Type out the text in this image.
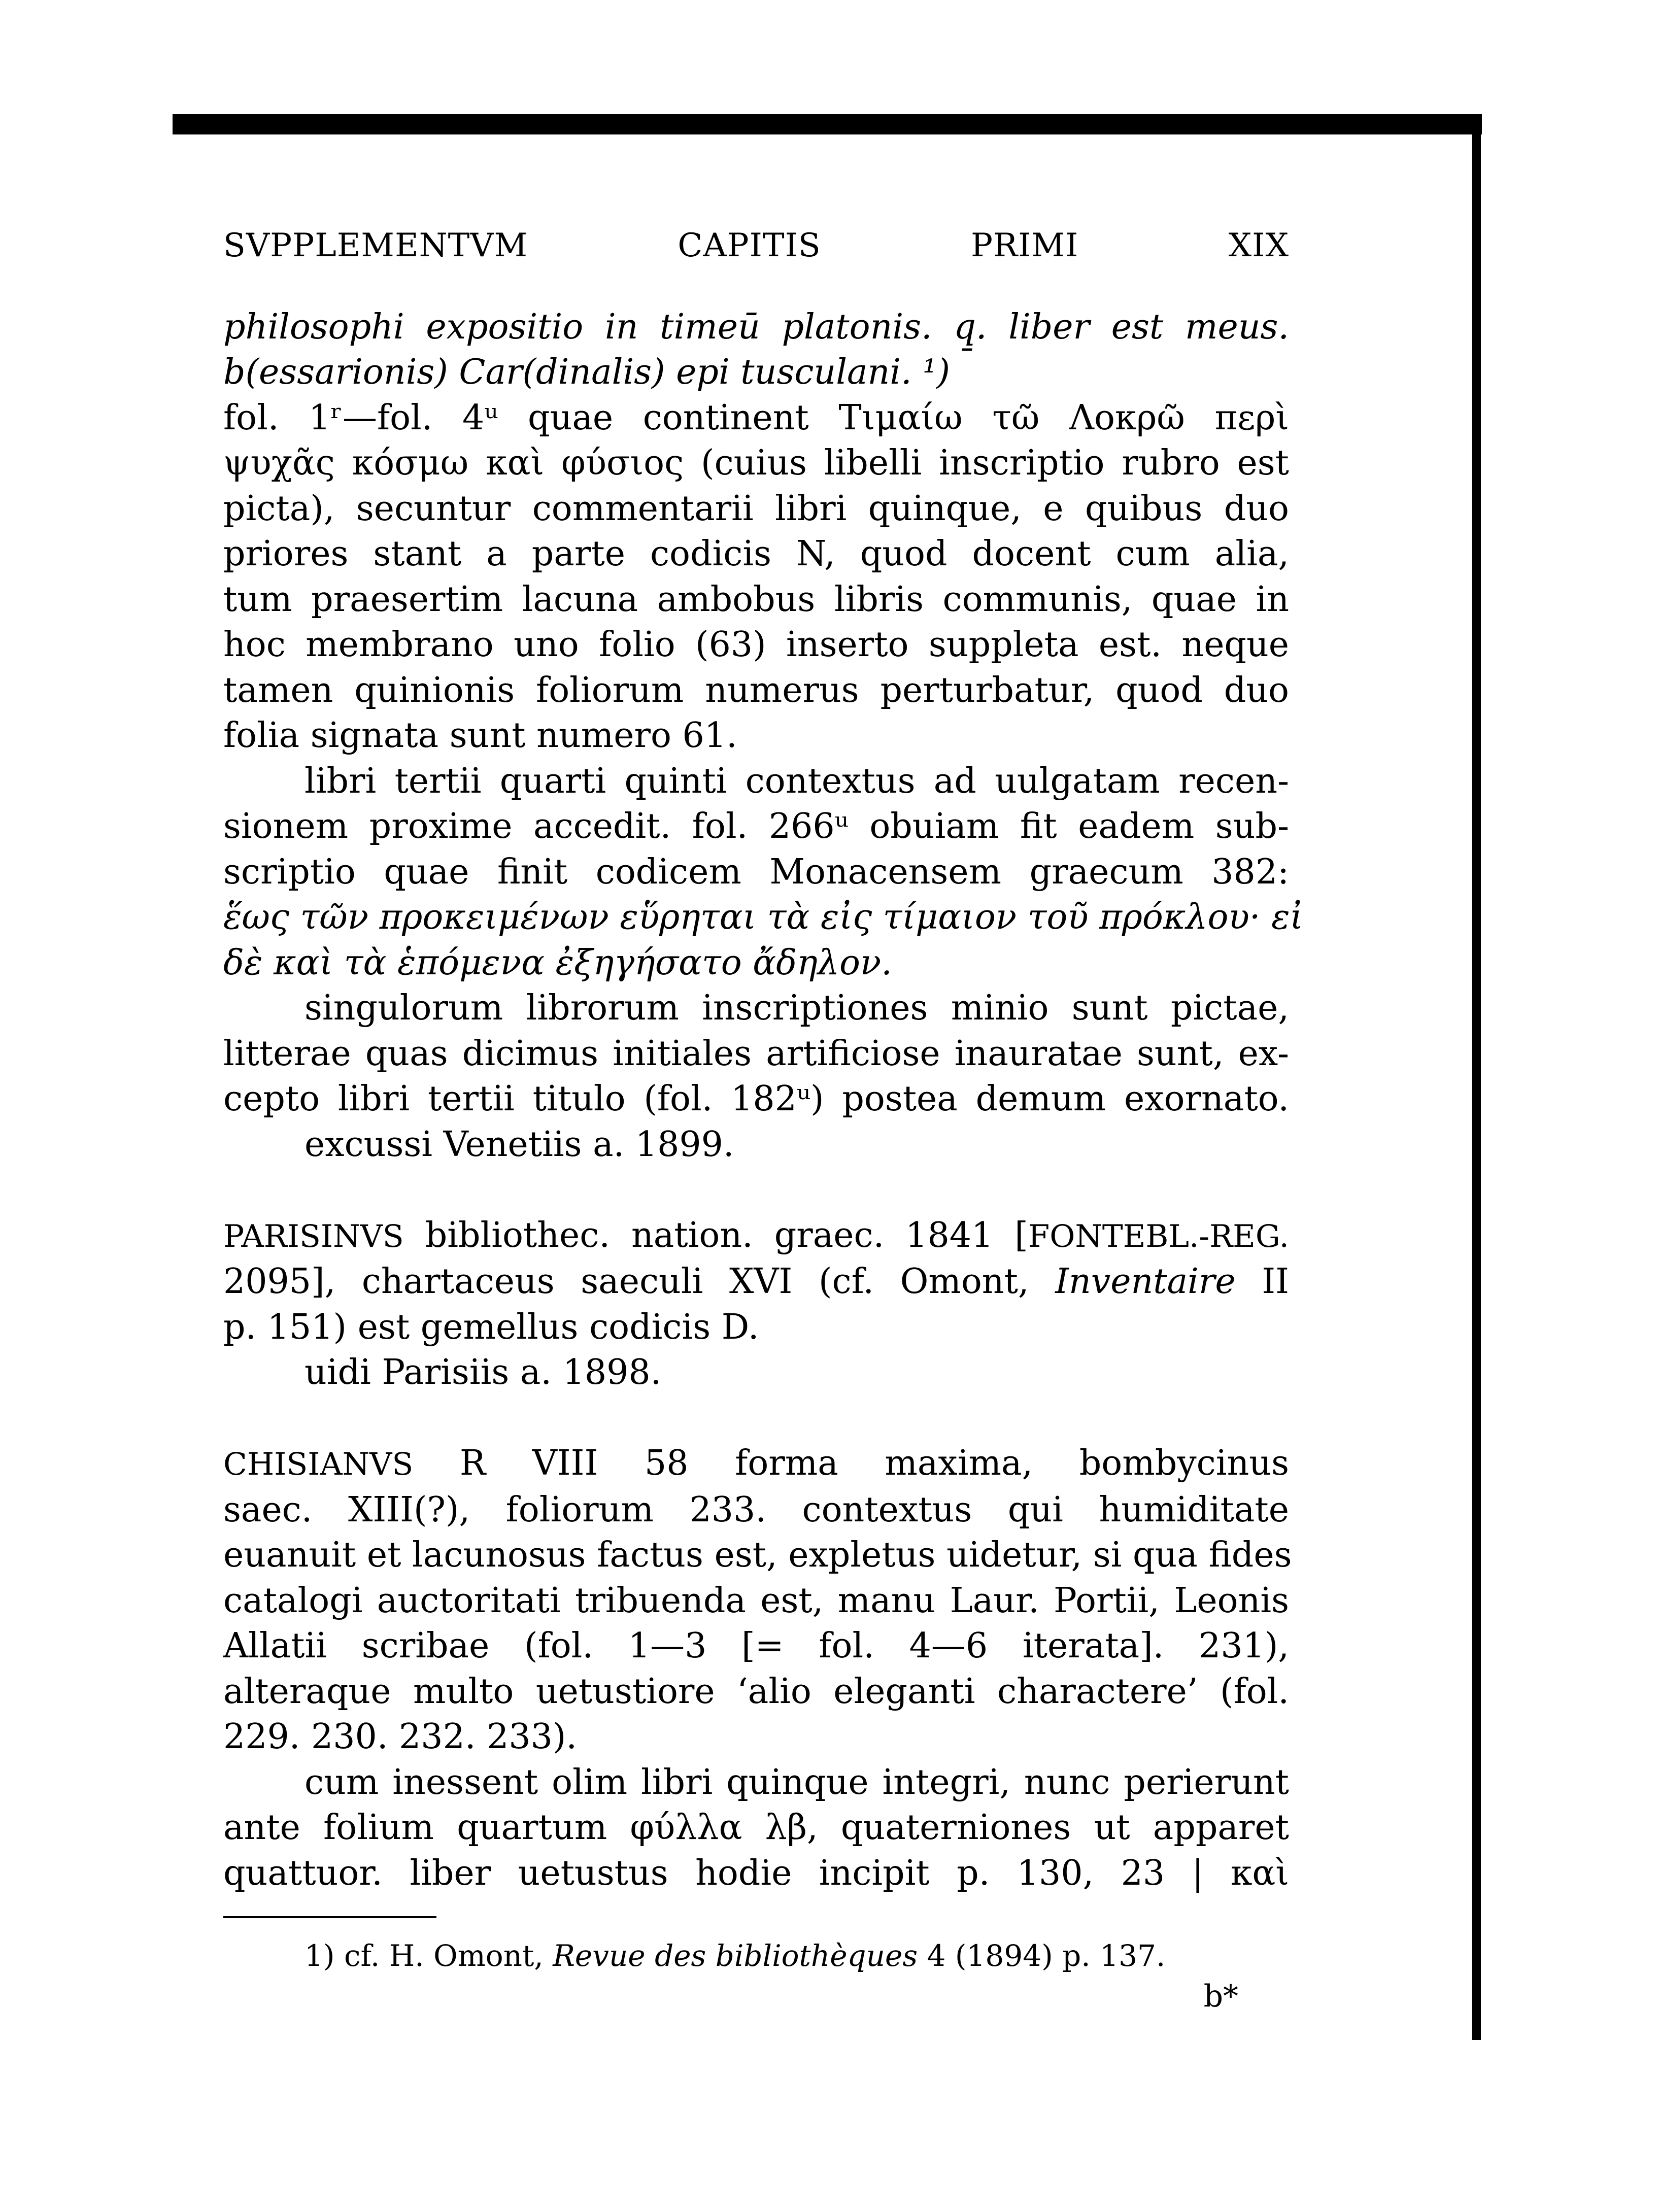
SVPPLEMENTVM CAPITIS PRIMI	XIX
philosophi expositio in timeū platonis. q̱. liber est meus.
b(essarionis) Car(dinalis) epi tusculani. ¹)
fol. 1ʳ—fol. 4ᵘ quae continent Τιμαίω τῶ Λοκρῶ περὶ
ψυχᾶς κόσμω καὶ φύσιος (cuius libelli inscriptio rubro est
picta), secuntur commentarii libri quinque, e quibus duo
priores stant a parte codicis N, quod docent cum alia,
tum praesertim lacuna ambobus libris communis, quae in
hoc membrano uno folio (63) inserto suppleta est. neque
tamen quinionis foliorum numerus perturbatur, quod duo
folia signata sunt numero 61.
libri tertii quarti quinti contextus ad uulgatam recen-
sionem proxime accedit. fol. 266ᵘ obuiam fit eadem sub-
scriptio quae finit codicem Monacensem graecum 382:
ἕως τῶν προκειμένων εὕρηται τὰ εἰς τίμαιον τοῦ πρόκλου· εἰ
δὲ καὶ τὰ ἑπόμενα ἐξηγήσατο ἄδηλον.
singulorum librorum inscriptiones minio sunt pictae,
litterae quas dicimus initiales artificiose inauratae sunt, ex-
cepto libri tertii titulo (fol. 182ᵘ) postea demum exornato.
excussi Venetiis a. 1899.
PARISINVS bibliothec. nation. graec. 1841 [FONTEBL.-REG.
2095], chartaceus saeculi XVI (cf. Omont, Inventaire II
p. 151) est gemellus codicis D.
uidi Parisiis a. 1898.
CHISIANVS R VIII 58 forma maxima, bombycinus
saec. XIII(?), foliorum 233. contextus qui humiditate
euanuit et lacunosus factus est, expletus uidetur, si qua fides
catalogi auctoritati tribuenda est, manu Laur. Portii, Leonis
Allatii scribae (fol. 1—3 [= fol. 4—6 iterata]. 231),
alteraque multo uetustiore ‘alio eleganti charactere’ (fol.
229. 230. 232. 233).
cum inessent olim libri quinque integri, nunc perierunt
ante folium quartum φύλλα λβ, quaterniones ut apparet
quattuor. liber uetustus hodie incipit p. 130, 23 | καὶ
1) cf. H. Omont, Revue des bibliothèques 4 (1894) p. 137.
b*
